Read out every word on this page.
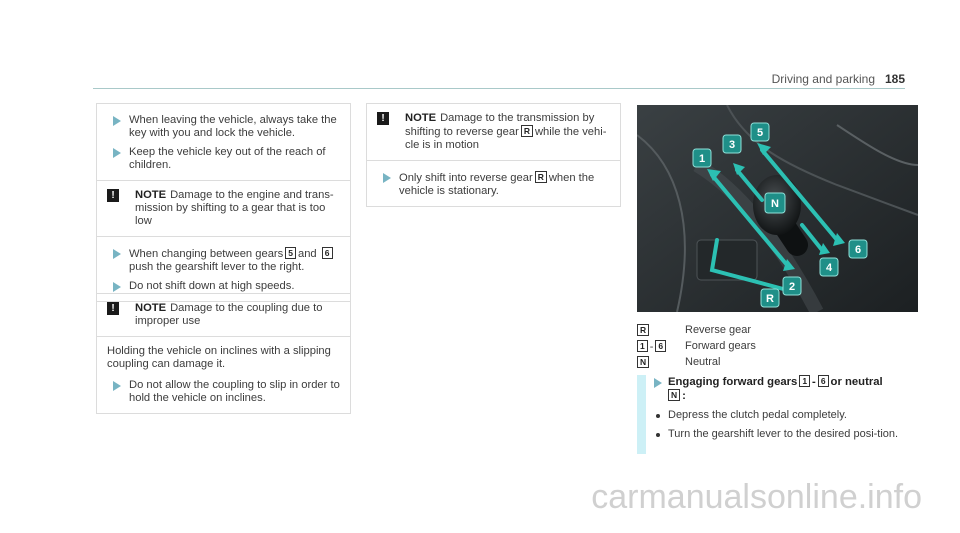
Driving and parking 185
When leaving the vehicle, always take the key with you and lock the vehicle.
Keep the vehicle key out of the reach of children.
!	NOTE Damage to the engine and trans-mission by shifting to a gear that is too low
When changing between gears 5 and 6push the gearshift lever to the right.
Do not shift down at high speeds.
!	NOTE Damage to the coupling due to improper use
Holding the vehicle on inclines with a slipping coupling can damage it.
Do not allow the coupling to slip in order to hold the vehicle on inclines.
!	NOTE Damage to the transmission by shifting to reverse gear R while the vehi-cle is in motion
Only shift into reverse gear R when the vehicle is stationary.
1
2
3
4
5
6
N
R
R	Reverse gear
1 - 6	Forward gears
N	Neutral
Engaging forward gears 1 - 6 or neutral
N :
Depress the clutch pedal completely.
Turn the gearshift lever to the desired posi-tion.
carmanualsonline.info
